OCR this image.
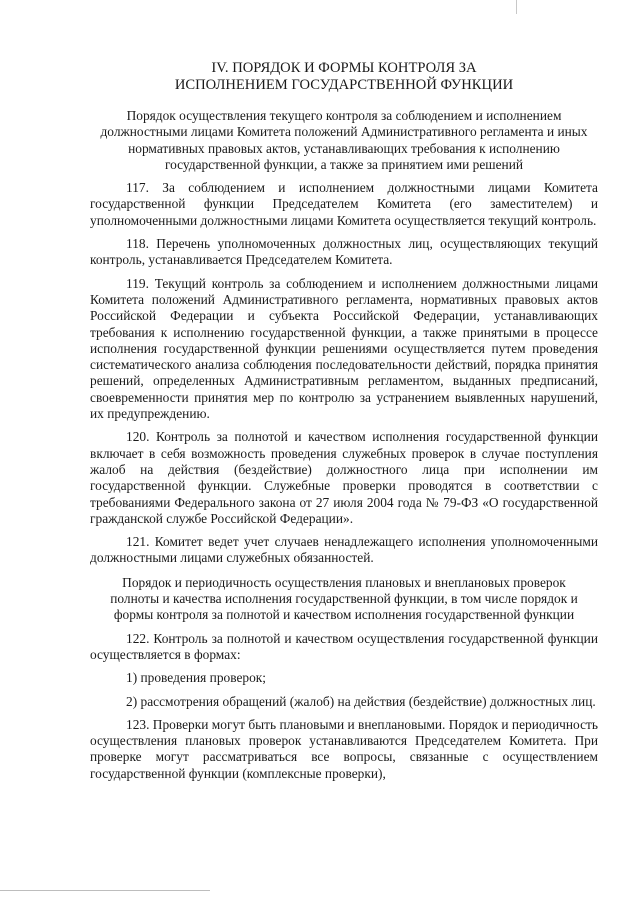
IV. ПОРЯДОК И ФОРМЫ КОНТРОЛЯ ЗА
ИСПОЛНЕНИЕМ ГОСУДАРСТВЕННОЙ ФУНКЦИИ
Порядок осуществления текущего контроля за соблюдением и исполнением должностными лицами Комитета положений Административного регламента и иных нормативных правовых актов, устанавливающих требования к исполнению государственной функции, а также за принятием ими решений
117. За соблюдением и исполнением должностными лицами Комитета государственной функции Председателем Комитета (его заместителем) и уполномоченными должностными лицами Комитета осуществляется текущий контроль.
118. Перечень уполномоченных должностных лиц, осуществляющих текущий контроль, устанавливается Председателем Комитета.
119. Текущий контроль за соблюдением и исполнением должностными лицами Комитета положений Административного регламента, нормативных правовых актов Российской Федерации и субъекта Российской Федерации, устанавливающих требования к исполнению государственной функции, а также принятыми в процессе исполнения государственной функции решениями осуществляется путем проведения систематического анализа соблюдения последовательности действий, порядка принятия решений, определенных Административным регламентом, выданных предписаний, своевременности принятия мер по контролю за устранением выявленных нарушений, их предупреждению.
120. Контроль за полнотой и качеством исполнения государственной функции включает в себя возможность проведения служебных проверок в случае поступления жалоб на действия (бездействие) должностного лица при исполнении им государственной функции. Служебные проверки проводятся в соответствии с требованиями Федерального закона от 27 июля 2004 года № 79-ФЗ «О государственной гражданской службе Российской Федерации».
121. Комитет ведет учет случаев ненадлежащего исполнения уполномоченными должностными лицами служебных обязанностей.
Порядок и периодичность осуществления плановых и внеплановых проверок полноты и качества исполнения государственной функции, в том числе порядок и формы контроля за полнотой и качеством исполнения государственной функции
122. Контроль за полнотой и качеством осуществления государственной функции осуществляется в формах:
1) проведения проверок;
2) рассмотрения обращений (жалоб) на действия (бездействие) должностных лиц.
123. Проверки могут быть плановыми и внеплановыми. Порядок и периодичность осуществления плановых проверок устанавливаются Председателем Комитета. При проверке могут рассматриваться все вопросы, связанные с осуществлением государственной функции (комплексные проверки),
